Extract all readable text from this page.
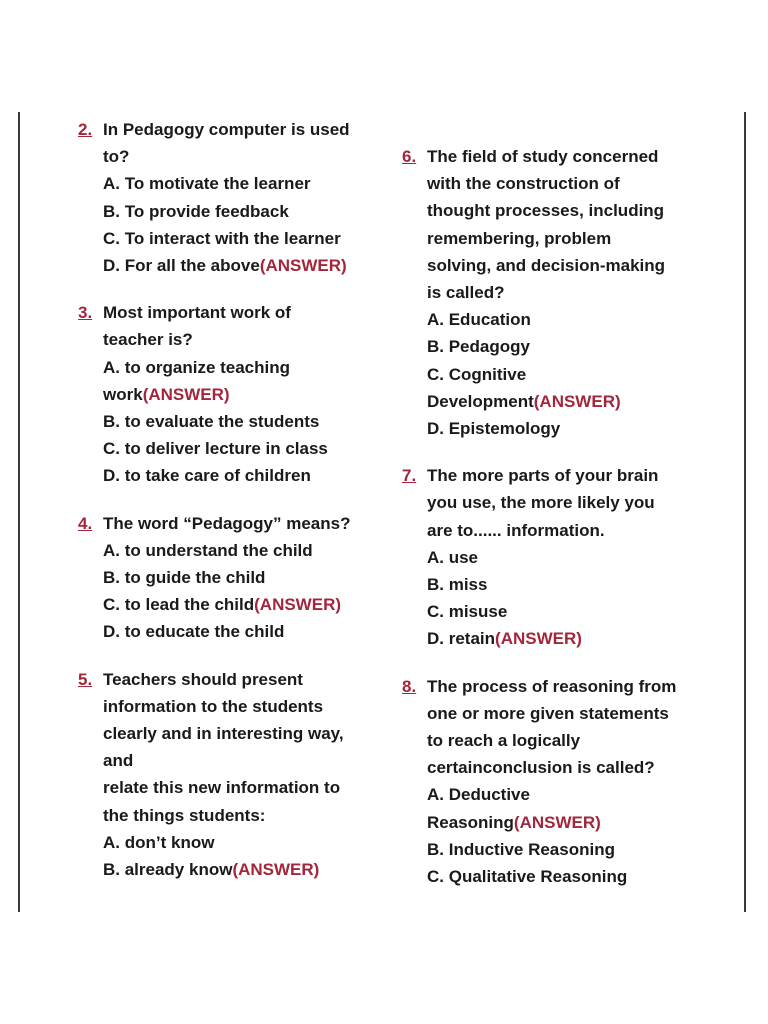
2. In Pedagogy computer is used
to?
A. To motivate the learner
B. To provide feedback
C. To interact with the learner
D. For all the above(ANSWER)
3. Most important work of
teacher is?
A. to organize teaching
work(ANSWER)
B. to evaluate the students
C. to deliver lecture in class
D. to take care of children
4. The word “Pedagogy” means?
A. to understand the child
B. to guide the child
C. to lead the child(ANSWER)
D. to educate the child
5. Teachers should present
information to the students
clearly and in interesting way,
and
relate this new information to
the things students:
A. don’t know
B. already know(ANSWER)
6. The field of study concerned
with the construction of
thought processes, including
remembering, problem
solving, and decision-making
is called?
A. Education
B. Pedagogy
C. Cognitive
Development(ANSWER)
D. Epistemology
7. The more parts of your brain
you use, the more likely you
are to...... information.
A. use
B. miss
C. misuse
D. retain(ANSWER)
8. The process of reasoning from
one or more given statements
to reach a logically
certainconclusion is called?
A. Deductive
Reasoning(ANSWER)
B. Inductive Reasoning
C. Qualitative Reasoning
